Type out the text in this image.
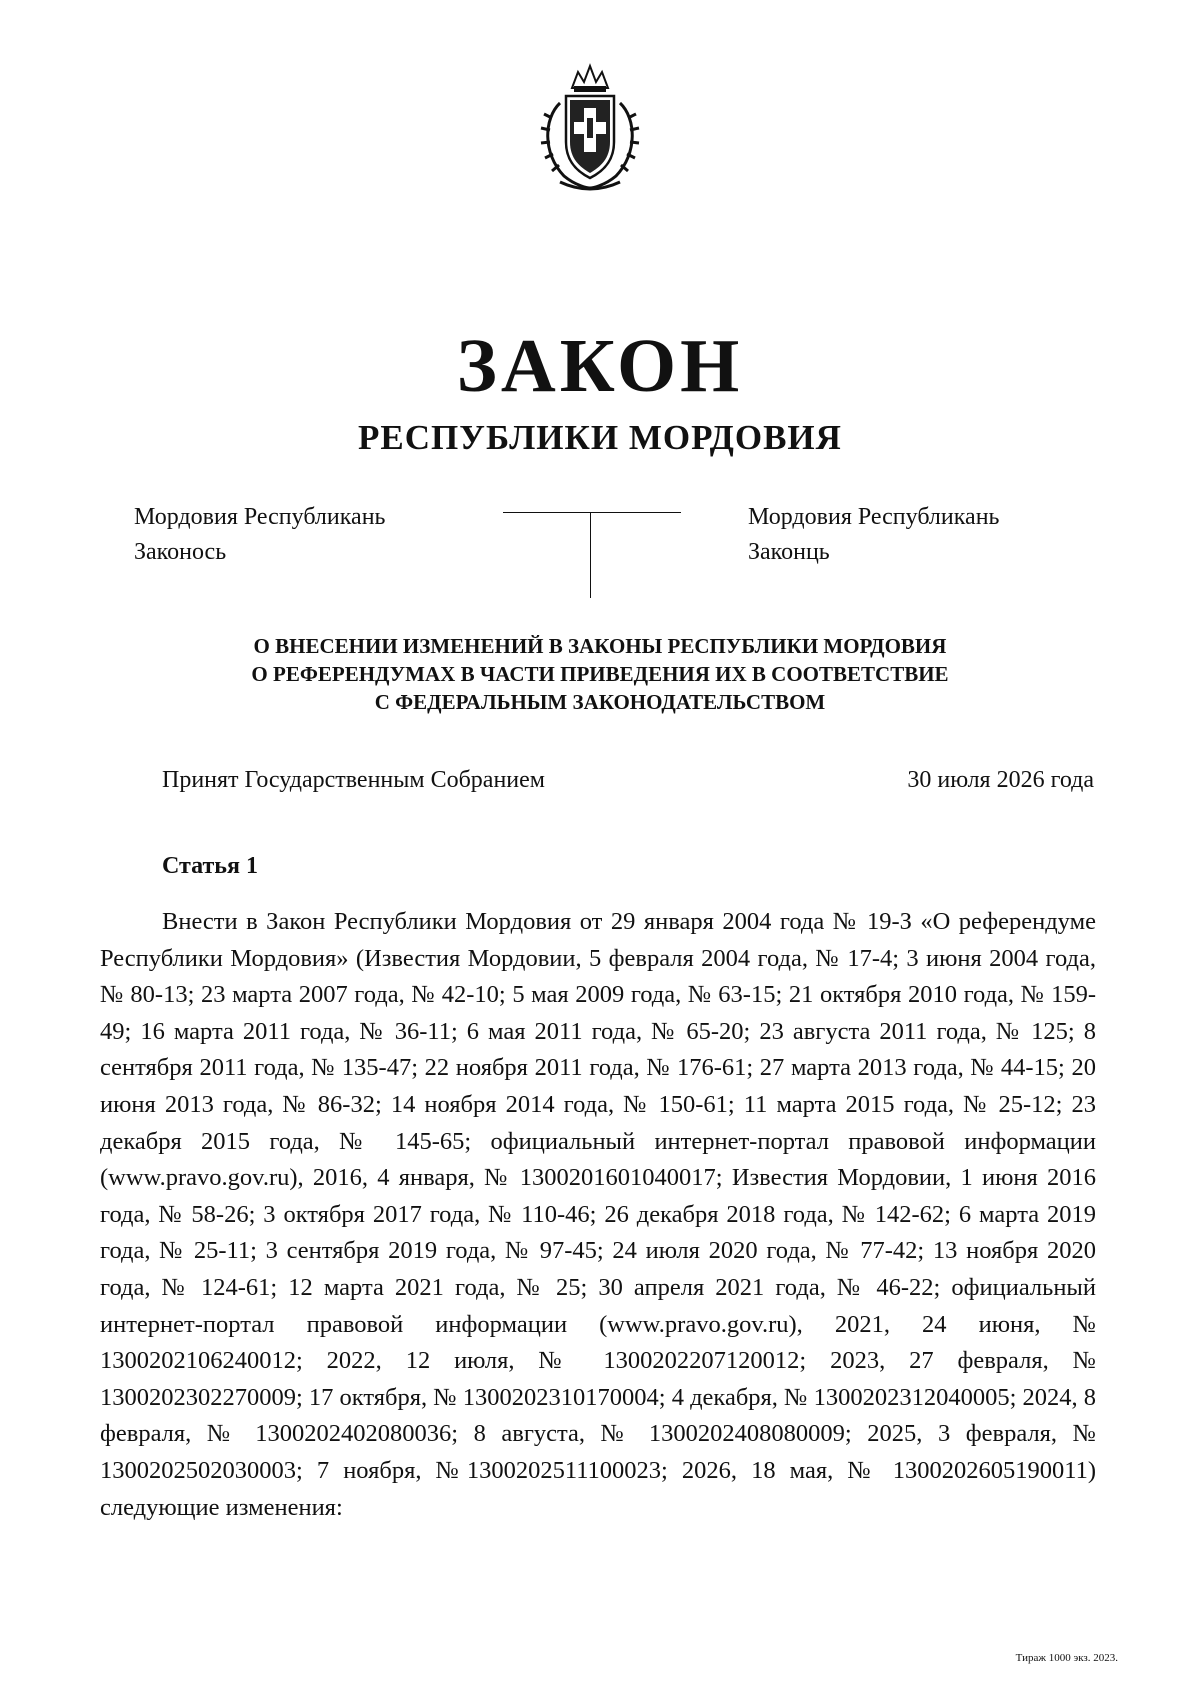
ЗАКОН
РЕСПУБЛИКИ МОРДОВИЯ
Мордовия Республикань
Законось
Мордовия Республикань
Законць
О ВНЕСЕНИИ ИЗМЕНЕНИЙ В ЗАКОНЫ РЕСПУБЛИКИ МОРДОВИЯ
О РЕФЕРЕНДУМАХ В ЧАСТИ ПРИВЕДЕНИЯ ИХ В СООТВЕТСТВИЕ
С ФЕДЕРАЛЬНЫМ ЗАКОНОДАТЕЛЬСТВОМ
Принят Государственным Собранием	30 июля 2026 года
Статья 1

Внести в Закон Республики Мордовия от 29 января 2004 года № 19-З «О референдуме Республики Мордовия» (Известия Мордовии, 5 февраля 2004 года, № 17-4; 3 июня 2004 года, № 80-13; 23 марта 2007 года, № 42-10; 5 мая 2009 года, № 63-15; 21 октября 2010 года, № 159-49; 16 марта 2011 года, № 36-11; 6 мая 2011 года, № 65-20; 23 августа 2011 года, № 125; 8 сентября 2011 года, № 135-47; 22 ноября 2011 года, № 176-61; 27 марта 2013 года, № 44-15; 20 июня 2013 года, № 86-32; 14 ноября 2014 года, № 150-61; 11 марта 2015 года, № 25-12; 23 декабря 2015 года, № 145-65; официальный интернет-портал правовой информации (www.pravo.gov.ru), 2016, 4 января, № 1300201601040017; Известия Мордовии, 1 июня 2016 года, № 58-26; 3 октября 2017 года, № 110-46; 26 декабря 2018 года, № 142-62; 6 марта 2019 года, № 25-11; 3 сентября 2019 года, № 97-45; 24 июля 2020 года, № 77-42; 13 ноября 2020 года, № 124-61; 12 марта 2021 года, № 25; 30 апреля 2021 года, № 46-22; официальный интернет-портал правовой информации (www.pravo.gov.ru), 2021, 24 июня, № 1300202106240012; 2022, 12 июля, № 1300202207120012; 2023, 27 февраля, № 1300202302270009; 17 октября, № 1300202310170004; 4 декабря, № 1300202312040005; 2024, 8 февраля, № 1300202402080036; 8 августа, № 1300202408080009; 2025, 3 февраля, № 1300202502030003; 7 ноября, №1300202511100023; 2026, 18 мая, № 1300202605190011) следующие изменения:

Тираж 1000 экз. 2023.
